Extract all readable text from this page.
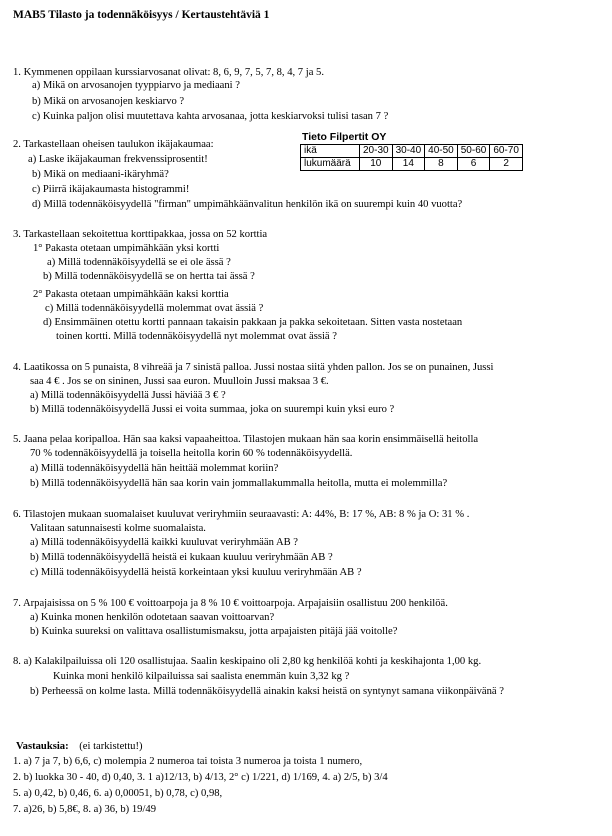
MAB5 Tilasto ja todennäköisyys / Kertaustehtäviä 1
1. Kymmenen oppilaan kurssiarvosanat olivat: 8, 6, 9, 7, 5, 7, 8, 4, 7 ja 5.
a) Mikä on arvosanojen tyyppiarvo ja mediaani ?
b) Mikä on arvosanojen keskiarvo ?
c) Kuinka paljon olisi muutettava kahta arvosanaa, jotta keskiarvoksi tulisi tasan 7 ?
Tieto Filpertit OY
ikä	20-30	30-40	40-50	50-60	60-70
lukumäärä	10	14	8	6	2
2. Tarkastellaan oheisen taulukon ikäjakaumaa:
a) Laske ikäjakauman frekvenssiprosentit!
b) Mikä on mediaani-ikäryhmä?
c) Piirrä ikäjakaumasta histogrammi!
d) Millä todennäköisyydellä "firman" umpimähkäänvalitun henkilön ikä on suurempi kuin 40 vuotta?
3. Tarkastellaan sekoitettua korttipakkaa, jossa on 52 korttia
1° Pakasta otetaan umpimähkään yksi kortti
a) Millä todennäköisyydellä se ei ole ässä ?
b) Millä todennäköisyydellä se on hertta tai ässä ?
2° Pakasta otetaan umpimähkään kaksi korttia
c) Millä todennäköisyydellä molemmat ovat ässiä ?
d) Ensimmäinen otettu kortti pannaan takaisin pakkaan ja pakka sekoitetaan. Sitten vasta nostetaan
toinen kortti. Millä todennäköisyydellä nyt molemmat ovat ässiä ?
4. Laatikossa on 5 punaista, 8 vihreää ja 7 sinistä palloa. Jussi nostaa siitä yhden pallon. Jos se on punainen, Jussi
saa 4 € . Jos se on sininen, Jussi saa euron. Muulloin Jussi maksaa 3 €.
a) Millä todennäköisyydellä Jussi häviää 3 € ?
b) Millä todennäköisyydellä Jussi ei voita summaa, joka on suurempi kuin yksi euro ?
5. Jaana pelaa koripalloa. Hän saa kaksi vapaaheittoa. Tilastojen mukaan hän saa korin ensimmäisellä heitolla
70 % todennäköisyydellä ja toisella heitolla korin 60 % todennäköisyydellä.
a) Millä todennäköisyydellä hän heittää molemmat koriin?
b) Millä todennäköisyydellä hän saa korin vain jommallakummalla heitolla, mutta ei molemmilla?
6. Tilastojen mukaan suomalaiset kuuluvat veriryhmiin seuraavasti: A: 44%, B: 17 %, AB: 8 % ja O: 31 % .
Valitaan satunnaisesti kolme suomalaista.
a) Millä todennäköisyydellä kaikki kuuluvat veriryhmään AB ?
b) Millä todennäköisyydellä heistä ei kukaan kuuluu veriryhmään AB ?
c) Millä todennäköisyydellä heistä korkeintaan yksi kuuluu veriryhmään AB ?
7. Arpajaisissa on 5 % 100 € voittoarpoja ja 8 % 10 € voittoarpoja. Arpajaisiin osallistuu 200 henkilöä.
a) Kuinka monen henkilön odotetaan saavan voittoarvan?
b) Kuinka suureksi on valittava osallistumismaksu, jotta arpajaisten pitäjä jää voitolle?
8. a) Kalakilpailuissa oli 120 osallistujaa. Saalin keskipaino oli 2,80 kg henkilöä kohti ja keskihajonta 1,00 kg.
Kuinka moni henkilö kilpailuissa sai saalista enemmän kuin 3,32 kg ?
b) Perheessä on kolme lasta. Millä todennäköisyydellä ainakin kaksi heistä on syntynyt samana viikonpäivänä ?
Vastauksia: (ei tarkistettu!)
1. a) 7 ja 7, b) 6,6, c) molempia 2 numeroa tai toista 3 numeroa ja toista 1 numero,
2. b) luokka 30 - 40, d) 0,40, 3. 1 a)12/13, b) 4/13, 2° c) 1/221, d) 1/169, 4. a) 2/5, b) 3/4
5. a) 0,42, b) 0,46, 6. a) 0,00051, b) 0,78, c) 0,98,
7. a)26, b) 5,8€, 8. a) 36, b) 19/49
